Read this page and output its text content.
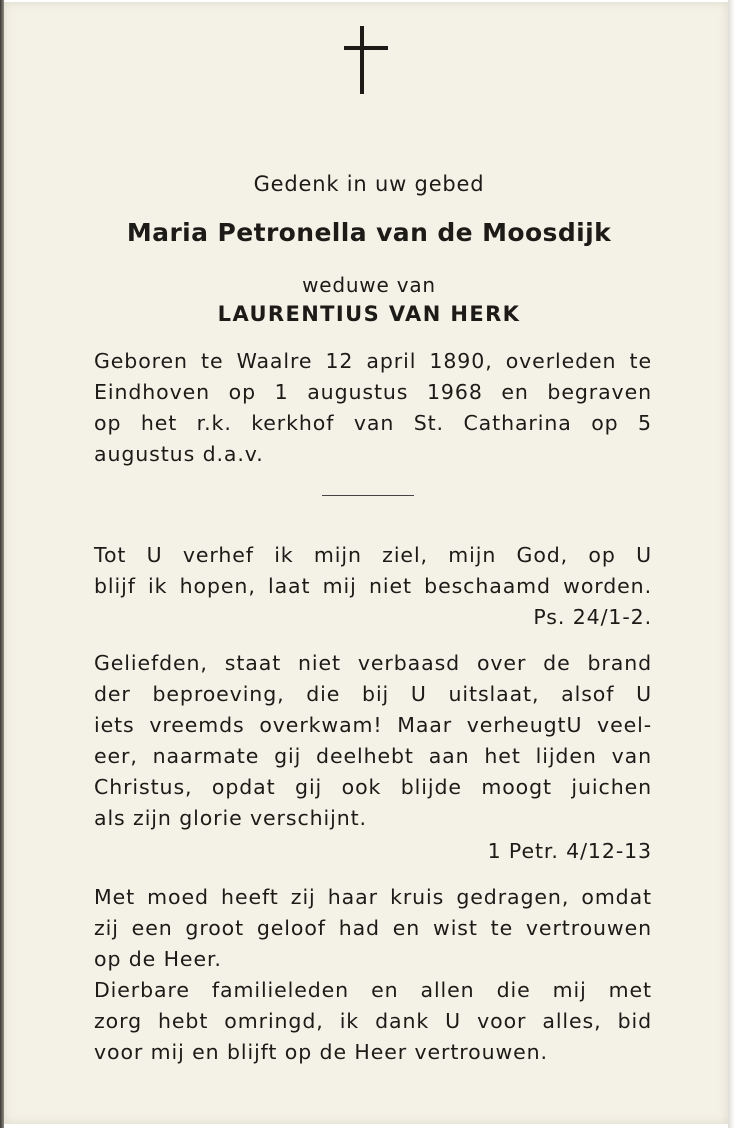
Gedenk in uw gebed
Maria Petronella van de Moosdijk
weduwe van
LAURENTIUS VAN HERK

Geboren te Waalre 12 april 1890, overleden te

Eindhoven op 1 augustus 1968 en begraven

op het r.k. kerkhof van St. Catharina op 5

augustus d.a.v.

Tot U verhef ik mijn ziel, mijn God, op U

blijf ik hopen, laat mij niet beschaamd worden.

Ps. 24/1-2.

Geliefden, staat niet verbaasd over de brand

der beproeving, die bij U uitslaat, alsof U

iets vreemds overkwam! Maar verheugtU veel-

eer, naarmate gij deelhebt aan het lijden van

Christus, opdat gij ook blijde moogt juichen

als zijn glorie verschijnt.

1 Petr. 4/12-13

Met moed heeft zij haar kruis gedragen, omdat

zij een groot geloof had en wist te vertrouwen

op de Heer.

Dierbare familieleden en allen die mij met

zorg hebt omringd, ik dank U voor alles, bid

voor mij en blijft op de Heer vertrouwen.
